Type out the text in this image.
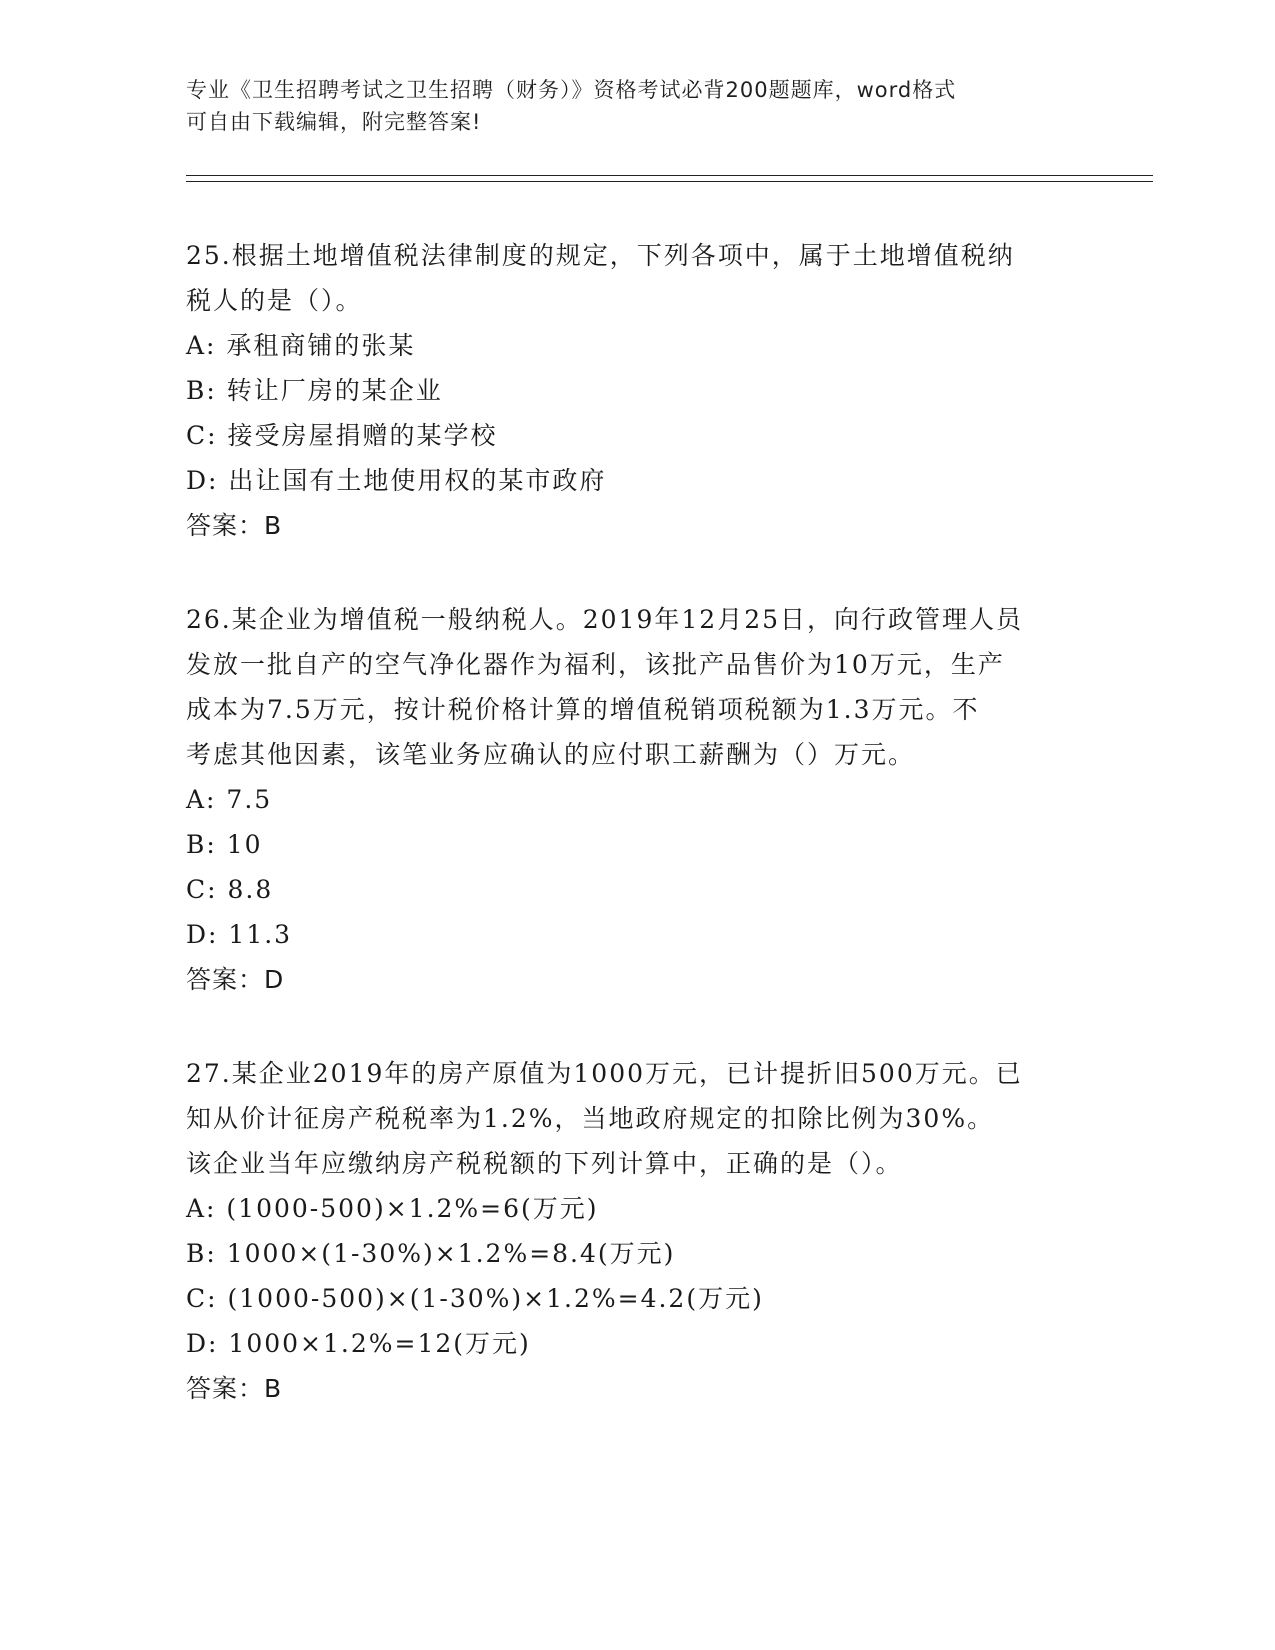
专业《卫生招聘考试之卫生招聘（财务）》资格考试必背200题题库，word格式
可自由下载编辑，附完整答案!

25.根据土地增值税法律制度的规定，下列各项中，属于土地增值税纳

税人的是（）。

A: 承租商铺的张某

B: 转让厂房的某企业

C: 接受房屋捐赠的某学校

D: 出让国有土地使用权的某市政府

答案：B

26.某企业为增值税一般纳税人。2019年12月25日，向行政管理人员

发放一批自产的空气净化器作为福利，该批产品售价为10万元，生产

成本为7.5万元，按计税价格计算的增值税销项税额为1.3万元。不

考虑其他因素，该笔业务应确认的应付职工薪酬为（）万元。

A: 7.5

B: 10

C: 8.8

D: 11.3

答案：D

27.某企业2019年的房产原值为1000万元，已计提折旧500万元。已

知从价计征房产税税率为1.2%，当地政府规定的扣除比例为30%。

该企业当年应缴纳房产税税额的下列计算中，正确的是（）。

A: (1000-500)×1.2%=6(万元)

B: 1000×(1-30%)×1.2%=8.4(万元)

C: (1000-500)×(1-30%)×1.2%=4.2(万元)

D: 1000×1.2%=12(万元)

答案：B
